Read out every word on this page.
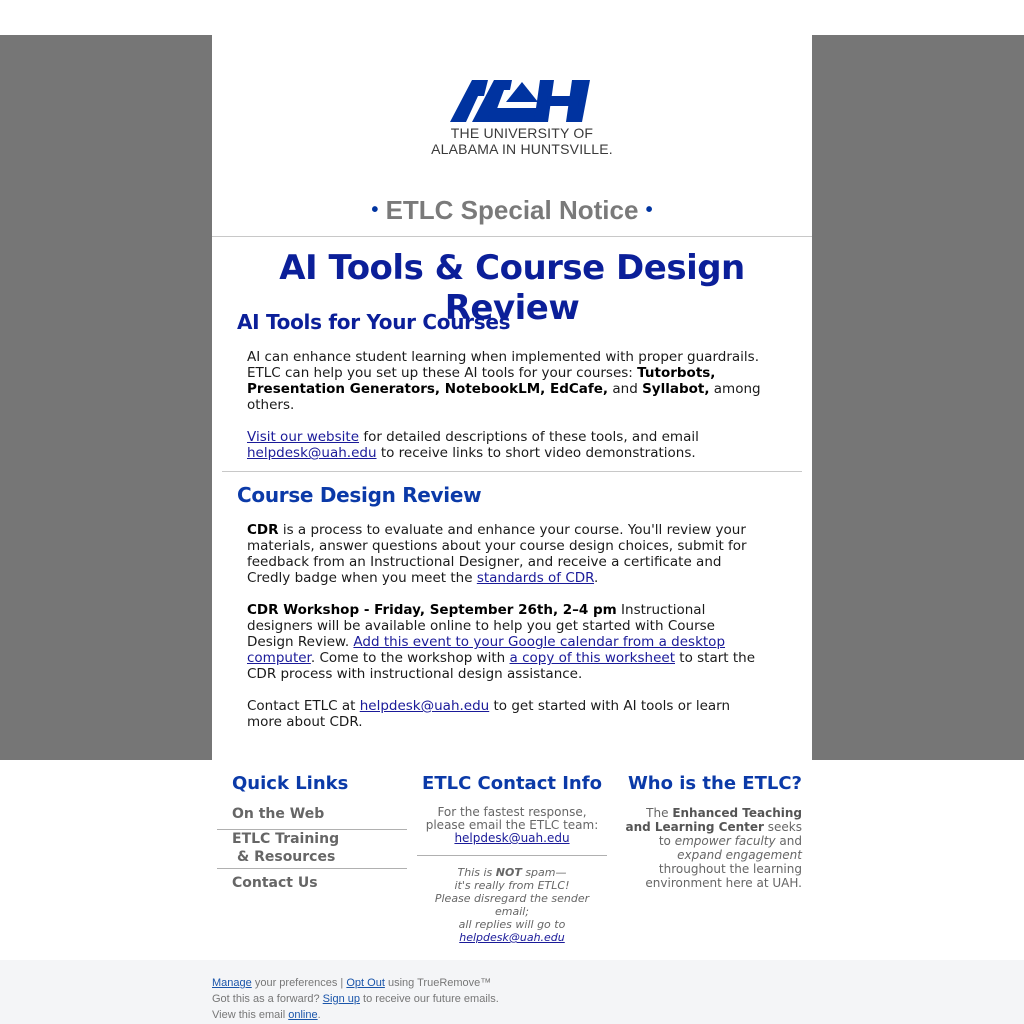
THE UNIVERSITY OF
ALABAMA IN HUNTSVILLE.
• ETLC Special Notice •
AI Tools & Course Design Review
AI Tools for Your Courses
AI can enhance student learning when implemented with proper guardrails. ETLC can help you set up these AI tools for your courses: Tutorbots, Presentation Generators, NotebookLM, EdCafe, and Syllabot, among others.
Visit our website for detailed descriptions of these tools, and email helpdesk@uah.edu to receive links to short video demonstrations.
Course Design Review
CDR is a process to evaluate and enhance your course. You'll review your materials, answer questions about your course design choices, submit for feedback from an Instructional Designer, and receive a certificate and Credly badge when you meet the standards of CDR.
CDR Workshop - Friday, September 26th, 2–4 pm Instructional designers will be available online to help you get started with Course Design Review. Add this event to your Google calendar from a desktop computer. Come to the workshop with a copy of this worksheet to start the CDR process with instructional design assistance.
Contact ETLC at helpdesk@uah.edu to get started with AI tools or learn more about CDR.
Quick Links
On the Web
ETLC Training
& Resources
Contact Us
ETLC Contact Info
For the fastest response,
please email the ETLC team:
helpdesk@uah.edu
This is NOT spam—
it's really from ETLC!
Please disregard the sender
email;
all replies will go to
helpdesk@uah.edu
Who is the ETLC?
The Enhanced Teaching and Learning Center seeks to empower faculty and expand engagement throughout the learning environment here at UAH.
Manage your preferences | Opt Out using TrueRemove™
Got this as a forward? Sign up to receive our future emails.
View this email online.
